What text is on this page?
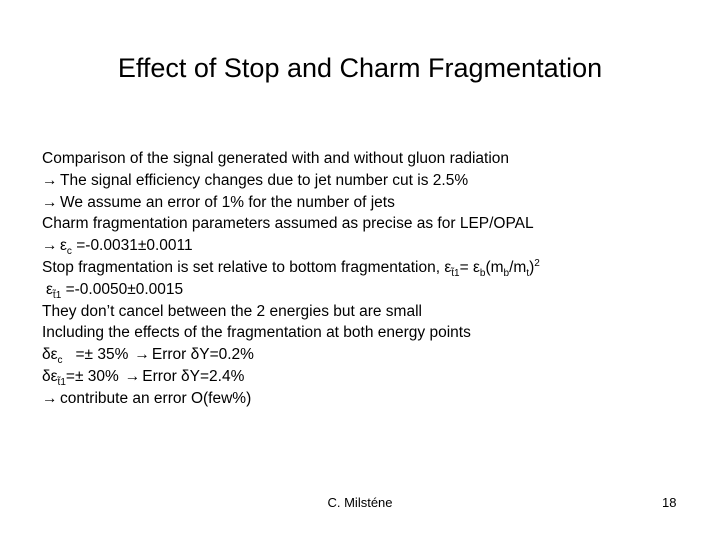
Effect of Stop and Charm Fragmentation
Comparison of the signal generated with and without gluon radiation
→ The signal efficiency changes due to jet number cut is 2.5%
→ We assume an error of 1% for the number of jets
Charm fragmentation parameters assumed as precise as for LEP/OPAL
→ $\varepsilon_c =-0.0031\pm 0.0011$
Stop fragmentation is set relative to bottom fragmentation, $\varepsilon_{t̃1}= \varepsilon_b(m_b/m_t)^2$
$\varepsilon_{t̃1} =-0.0050\pm 0.0015$
They don’t cancel between the 2 energies but are small
Including the effects of the fragmentation at both energy points
$\delta\varepsilon_c =\pm 35\%$ → Error δY=0.2%
$\delta\varepsilon_{t̃1}=\pm 30\%$ → Error δY=2.4%
→ contribute an error O(few%)
C. Milsténe	18
